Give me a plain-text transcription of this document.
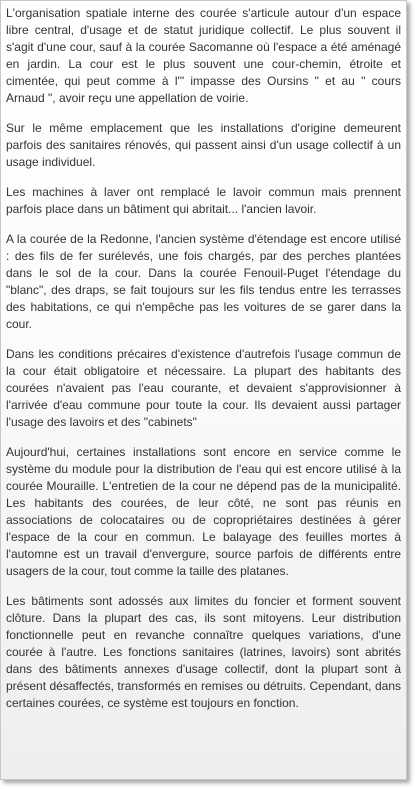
L'organisation spatiale interne des courée s'articule autour d'un espace libre central, d'usage et de statut juridique collectif. Le plus souvent il s'agit d'une cour, sauf à la courée Sacomanne où l'espace a été aménagé en jardin. La cour est le plus souvent une cour-chemin, étroite et cimentée, qui peut comme à l'" impasse des Oursins " et au " cours Arnaud ", avoir reçu une appellation de voirie.

Sur le même emplacement que les installations d'origine demeurent parfois des sanitaires rénovés, qui passent ainsi d'un usage collectif à un usage individuel.

Les machines à laver ont remplacé le lavoir commun mais prennent parfois place dans un bâtiment qui abritait... l'ancien lavoir.

A la courée de la Redonne, l'ancien système d'étendage est encore utilisé : des fils de fer surélevés, une fois chargés, par des perches plantées dans le sol de la cour. Dans la courée Fenouil-Puget l'étendage du "blanc", des draps, se fait toujours sur les fils tendus entre les terrasses des habitations, ce qui n'empêche pas les voitures de se garer dans la cour.

Dans les conditions précaires d'existence d'autrefois l'usage commun de la cour était obligatoire et nécessaire. La plupart des habitants des courées n'avaient pas l'eau courante, et devaient s'approvisionner à l'arrivée d'eau commune pour toute la cour. Ils devaient aussi partager l'usage des lavoirs et des "cabinets"

Aujourd'hui, certaines installations sont encore en service comme le système du module pour la distribution de l'eau qui est encore utilisé à la courée Mouraille. L'entretien de la cour ne dépend pas de la municipalité. Les habitants des courées, de leur côté, ne sont pas réunis en associations de colocataires ou de copropriétaires destinées à gérer l'espace de la cour en commun. Le balayage des feuilles mortes à l'automne est un travail d'envergure, source parfois de différents entre usagers de la cour, tout comme la taille des platanes.

Les bâtiments sont adossés aux limites du foncier et forment souvent clôture. Dans la plupart des cas, ils sont mitoyens. Leur distribution fonctionnelle peut en revanche connaître quelques variations, d'une courée à l'autre. Les fonctions sanitaires (latrines, lavoirs) sont abrités dans des bâtiments annexes d'usage collectif, dont la plupart sont à présent désaffectés, transformés en remises ou détruits. Cependant, dans certaines courées, ce système est toujours en fonction.
